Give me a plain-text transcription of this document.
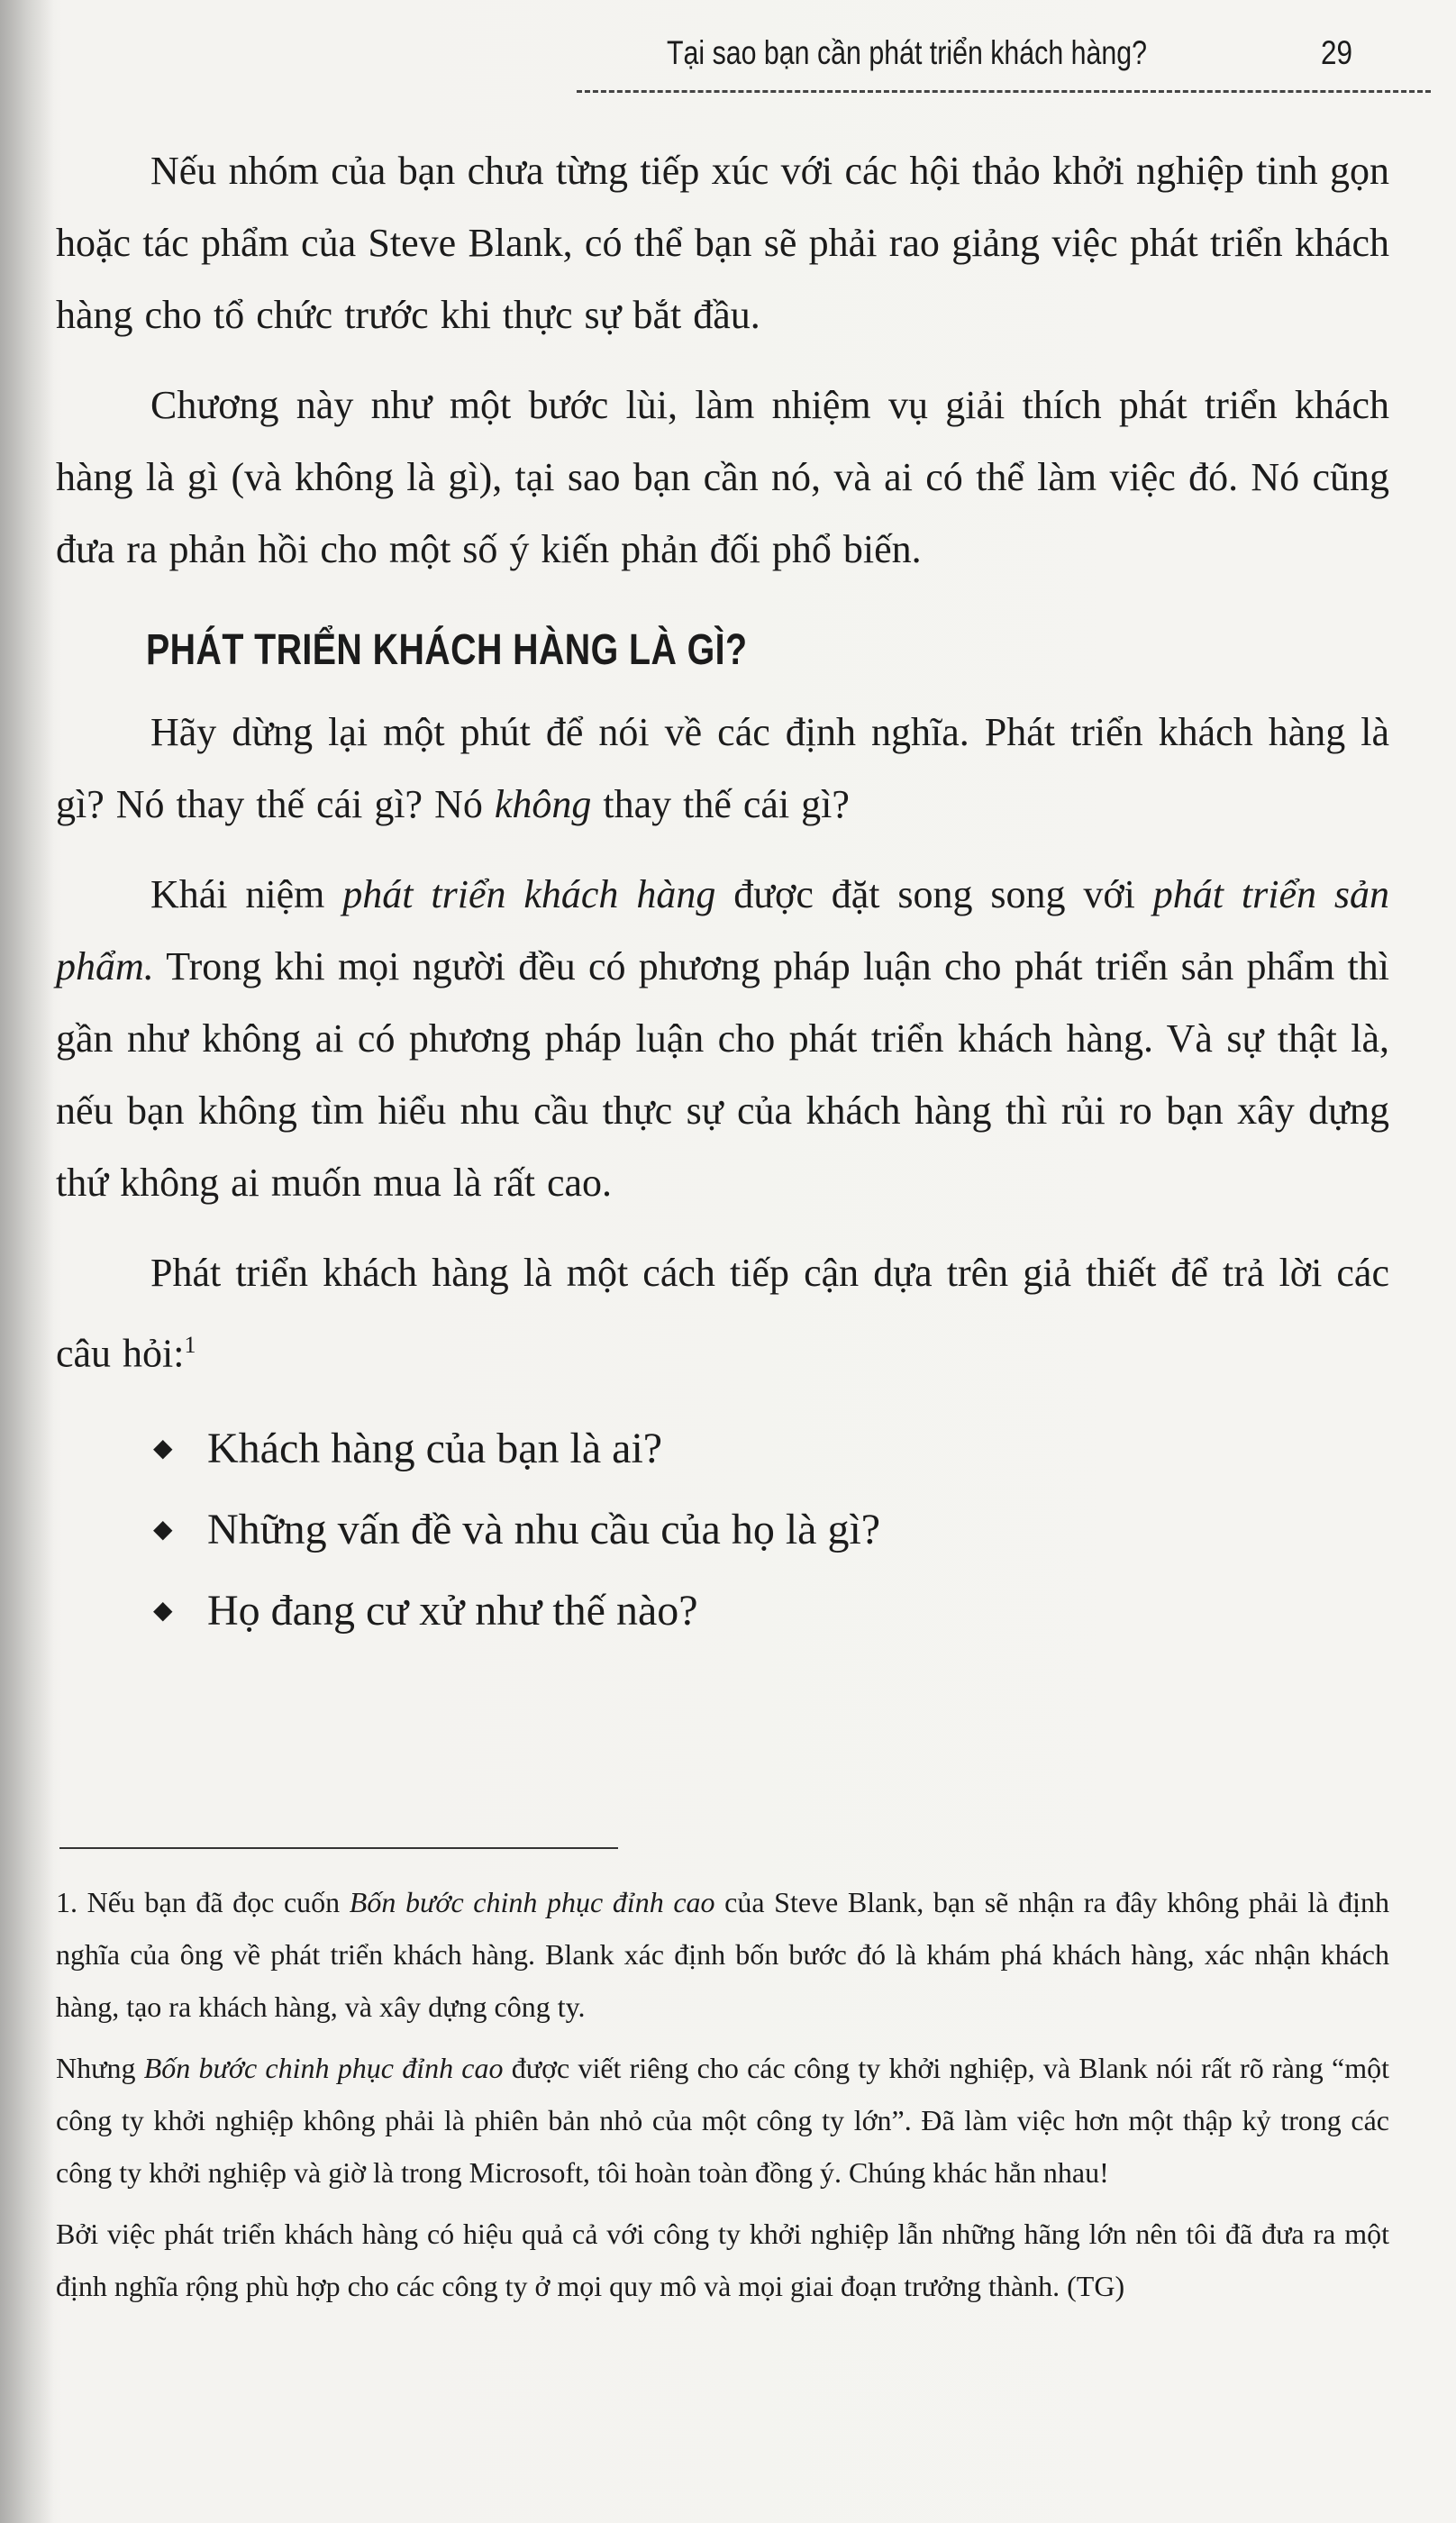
Tại sao bạn cần phát triển khách hàng?	29

Nếu nhóm của bạn chưa từng tiếp xúc với các hội thảo khởi nghiệp tinh gọn hoặc tác phẩm của Steve Blank, có thể bạn sẽ phải rao giảng việc phát triển khách hàng cho tổ chức trước khi thực sự bắt đầu.

Chương này như một bước lùi, làm nhiệm vụ giải thích phát triển khách hàng là gì (và không là gì), tại sao bạn cần nó, và ai có thể làm việc đó. Nó cũng đưa ra phản hồi cho một số ý kiến phản đối phổ biến.

PHÁT TRIỂN KHÁCH HÀNG LÀ GÌ?

Hãy dừng lại một phút để nói về các định nghĩa. Phát triển khách hàng là gì? Nó thay thế cái gì? Nó không thay thế cái gì?

Khái niệm phát triển khách hàng được đặt song song với phát triển sản phẩm. Trong khi mọi người đều có phương pháp luận cho phát triển sản phẩm thì gần như không ai có phương pháp luận cho phát triển khách hàng. Và sự thật là, nếu bạn không tìm hiểu nhu cầu thực sự của khách hàng thì rủi ro bạn xây dựng thứ không ai muốn mua là rất cao.

Phát triển khách hàng là một cách tiếp cận dựa trên giả thiết để trả lời các câu hỏi:$^1$

◆ Khách hàng của bạn là ai?
◆ Những vấn đề và nhu cầu của họ là gì?
◆ Họ đang cư xử như thế nào?

1. Nếu bạn đã đọc cuốn Bốn bước chinh phục đỉnh cao của Steve Blank, bạn sẽ nhận ra đây không phải là định nghĩa của ông về phát triển khách hàng. Blank xác định bốn bước đó là khám phá khách hàng, xác nhận khách hàng, tạo ra khách hàng, và xây dựng công ty.

Nhưng Bốn bước chinh phục đỉnh cao được viết riêng cho các công ty khởi nghiệp, và Blank nói rất rõ ràng “một công ty khởi nghiệp không phải là phiên bản nhỏ của một công ty lớn”. Đã làm việc hơn một thập kỷ trong các công ty khởi nghiệp và giờ là trong Microsoft, tôi hoàn toàn đồng ý. Chúng khác hẳn nhau!

Bởi việc phát triển khách hàng có hiệu quả cả với công ty khởi nghiệp lẫn những hãng lớn nên tôi đã đưa ra một định nghĩa rộng phù hợp cho các công ty ở mọi quy mô và mọi giai đoạn trưởng thành. (TG)
